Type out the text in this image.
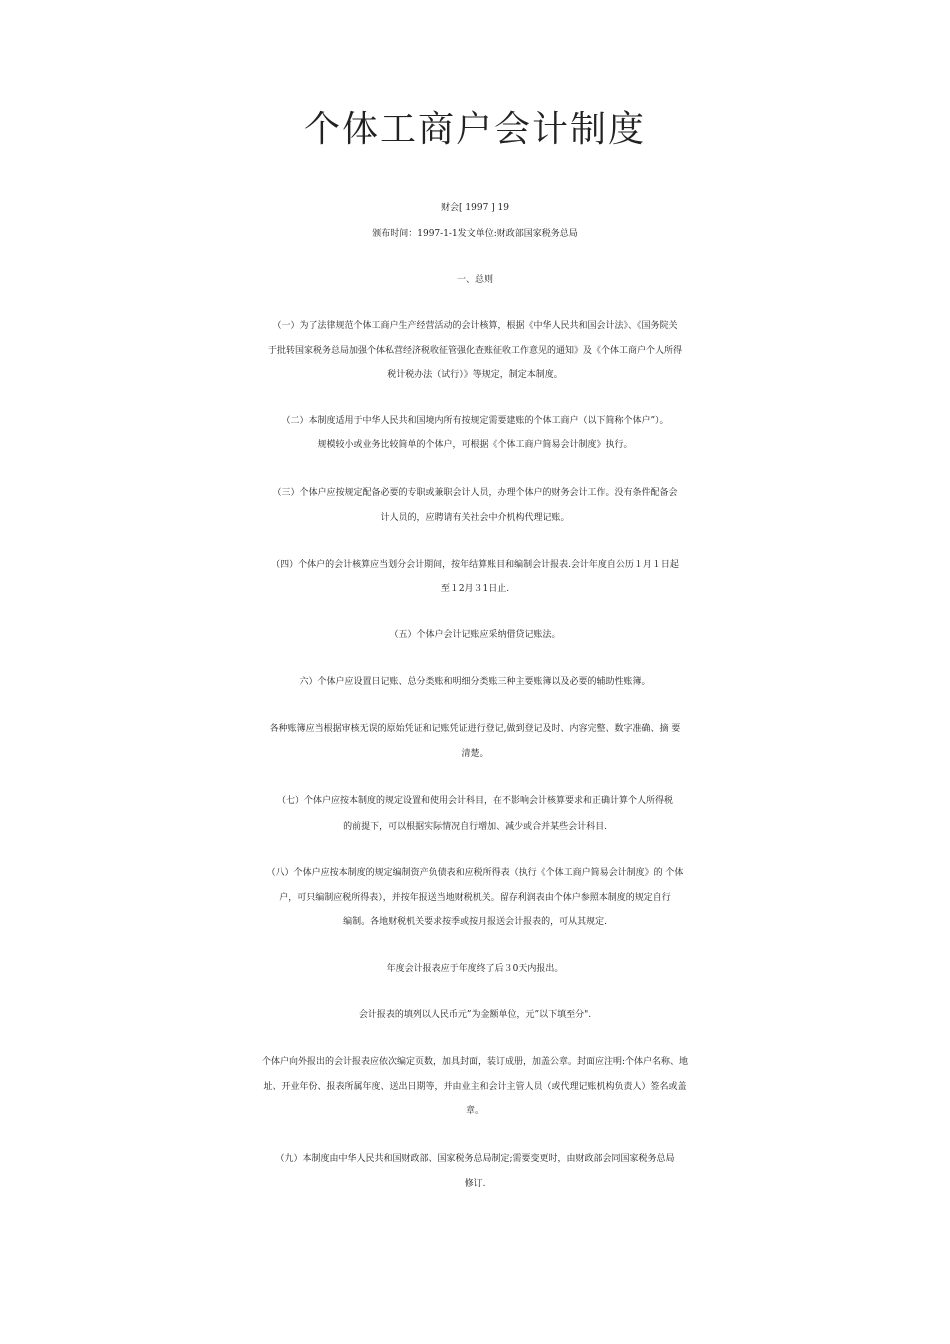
个体工商户会计制度
财会[ 1997 ] 19
颁布时间：1997-1-1发文单位:财政部国家税务总局
一、总则
（一）为了法律规范个体工商户生产经营活动的会计核算，根据《中华人民共和国会计法》、《国务院关
于批转国家税务总局加强个体私营经济税收征管强化查账征收工作意见的通知》及《个体工商户个人所得
税计税办法（试行）》等规定，制定本制度。
（二）本制度适用于中华人民共和国境内所有按规定需要建账的个体工商户（以下简称个体户”）。
规模较小或业务比较简单的个体户，可根据《个体工商户简易会计制度》执行。
（三）个体户应按规定配备必要的专职或兼职会计人员，办理个体户的财务会计工作。没有条件配备会
计人员的，应聘请有关社会中介机构代理记账。
（四）个体户的会计核算应当划分会计期间，按年结算账目和编制会计报表.会计年度自公历１月１日起
至１2月３1日止.
（五）个体户会计记账应采纳借贷记账法。
六）个体户应设置日记账、总分类账和明细分类账三种主要账簿以及必要的辅助性账簿。
各种账簿应当根据审核无误的原始凭证和记账凭证进行登记,做到登记及时、内容完整、数字准确、摘 要
清楚。
（七）个体户应按本制度的规定设置和使用会计科目，在不影响会计核算要求和正确计算个人所得税
的前提下，可以根据实际情况自行增加、减少或合并某些会计科目.
（八）个体户应按本制度的规定编制资产负债表和应税所得表（执行《个体工商户简易会计制度》的 个体
户，可只编制应税所得表），并按年报送当地财税机关。留存利润表由个体户参照本制度的规定自行
编制。各地财税机关要求按季或按月报送会计报表的，可从其规定.
年度会计报表应于年度终了后３0天内报出。
会计报表的填列以人民币元”为金额单位，元”以下填至分".
个体户向外报出的会计报表应依次编定页数，加具封面，装订成册，加盖公章。封面应注明:个体户名称、地
址、开业年份、报表所属年度、送出日期等，并由业主和会计主管人员（或代理记账机构负责人）签名或盖
章。
（九）本制度由中华人民共和国财政部、国家税务总局制定;需要变更时，由财政部会同国家税务总局
修订.
